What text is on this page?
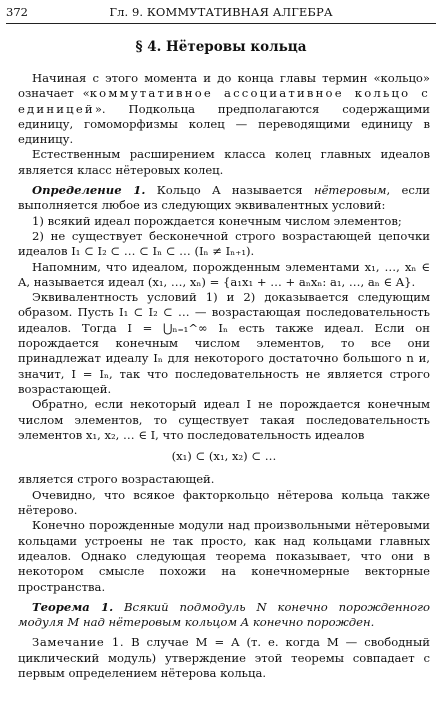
372	Гл. 9. КОММУТАТИВНАЯ АЛГЕБРА
§ 4. Нётеровы кольца

Начиная с этого момента и до конца главы термин «кольцо» означает «коммутативное ассоциативное кольцо с единицей». Подкольца предполагаются содержащими единицу, гомоморфизмы колец — переводящими единицу в единицу.

Естественным расширением класса колец главных идеалов является класс нётеровых колец.

Определение 1. Кольцо A называется нётеровым, если выполняется любое из следующих эквивалентных условий:

1) всякий идеал порождается конечным числом элементов;

2) не существует бесконечной строго возрастающей цепочки идеалов I₁ ⊂ I₂ ⊂ … ⊂ Iₙ ⊂ … (Iₙ ≠ Iₙ₊₁).

Напомним, что идеалом, порожденным элементами x₁, …, xₙ ∈ A, называется идеал (x₁, …, xₙ) = {a₁x₁ + … + aₙxₙ: a₁, …, aₙ ∈ A}.

Эквивалентность условий 1) и 2) доказывается следующим образом. Пусть I₁ ⊂ I₂ ⊂ … — возрастающая последовательность идеалов. Тогда I = ⋃ₙ₌₁^∞ Iₙ есть также идеал. Если он порождается конечным числом элементов, то все они принадлежат идеалу Iₙ для некоторого достаточно большого n и, значит, I = Iₙ, так что последовательность не является строго возрастающей.

Обратно, если некоторый идеал I не порождается конечным числом элементов, то существует такая последовательность элементов x₁, x₂, … ∈ I, что последовательность идеалов

(x₁) ⊂ (x₁, x₂) ⊂ …

является строго возрастающей.

Очевидно, что всякое факторкольцо нётерова кольца также нётерово.

Конечно порожденные модули над произвольными нётеровыми кольцами устроены не так просто, как над кольцами главных идеалов. Однако следующая теорема показывает, что они в некотором смысле похожи на конечномерные векторные пространства.

Теорема 1. Всякий подмодуль N конечно порожденного модуля M над нётеровым кольцом A конечно порожден.

Замечание 1. В случае M = A (т. е. когда M — свободный циклический модуль) утверждение этой теоремы совпадает с первым определением нётерова кольца.
